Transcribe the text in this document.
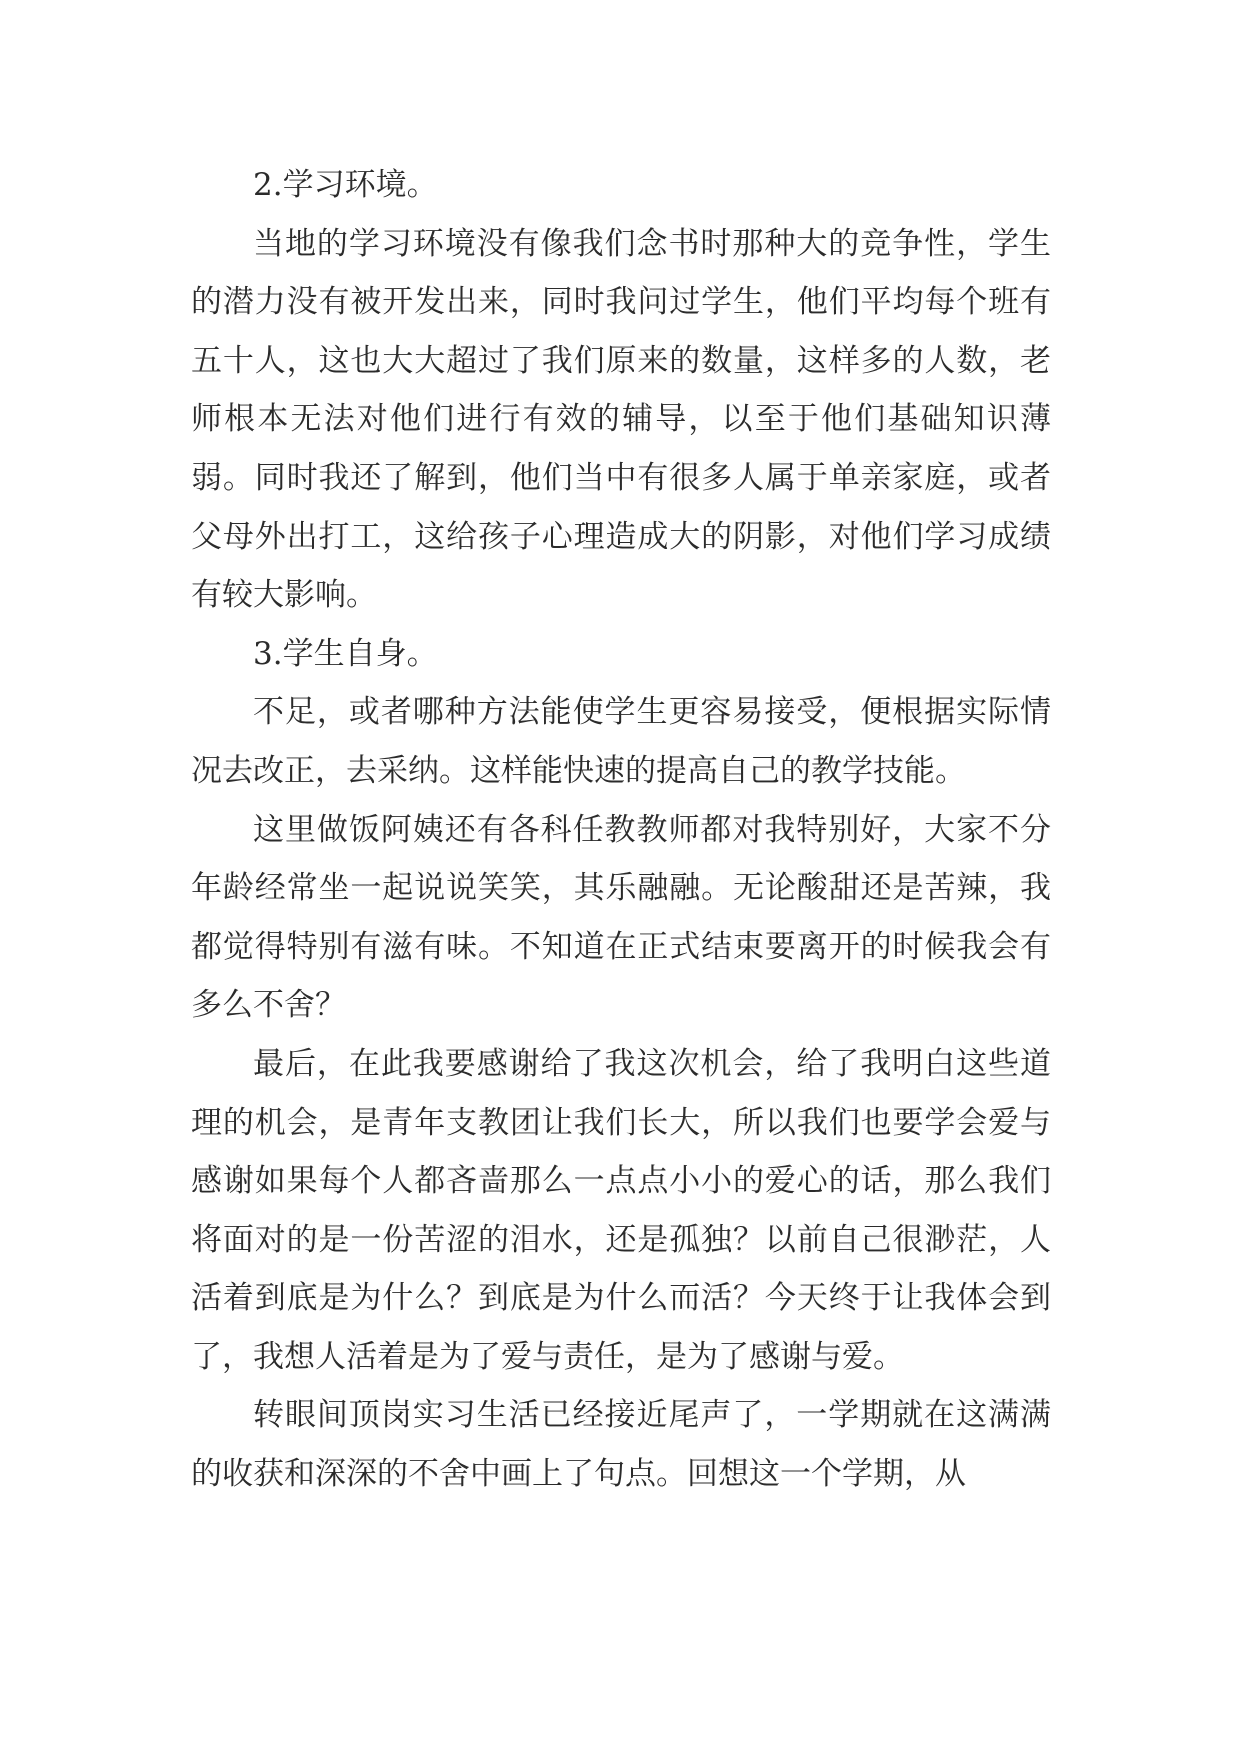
2.学习环境。

当地的学习环境没有像我们念书时那种大的竞争性，学生的潜力没有被开发出来，同时我问过学生，他们平均每个班有五十人，这也大大超过了我们原来的数量，这样多的人数，老师根本无法对他们进行有效的辅导，以至于他们基础知识薄弱。同时我还了解到，他们当中有很多人属于单亲家庭，或者父母外出打工，这给孩子心理造成大的阴影，对他们学习成绩有较大影响。

3.学生自身。

不足，或者哪种方法能使学生更容易接受，便根据实际情况去改正，去采纳。这样能快速的提高自己的教学技能。

这里做饭阿姨还有各科任教教师都对我特别好，大家不分年龄经常坐一起说说笑笑，其乐融融。无论酸甜还是苦辣，我都觉得特别有滋有味。不知道在正式结束要离开的时候我会有多么不舍？

最后，在此我要感谢给了我这次机会，给了我明白这些道理的机会，是青年支教团让我们长大，所以我们也要学会爱与感谢如果每个人都吝啬那么一点点小小的爱心的话，那么我们将面对的是一份苦涩的泪水，还是孤独？以前自己很渺茫，人活着到底是为什么？到底是为什么而活？今天终于让我体会到了，我想人活着是为了爱与责任，是为了感谢与爱。

转眼间顶岗实习生活已经接近尾声了，一学期就在这满满的收获和深深的不舍中画上了句点。回想这一个学期，从
